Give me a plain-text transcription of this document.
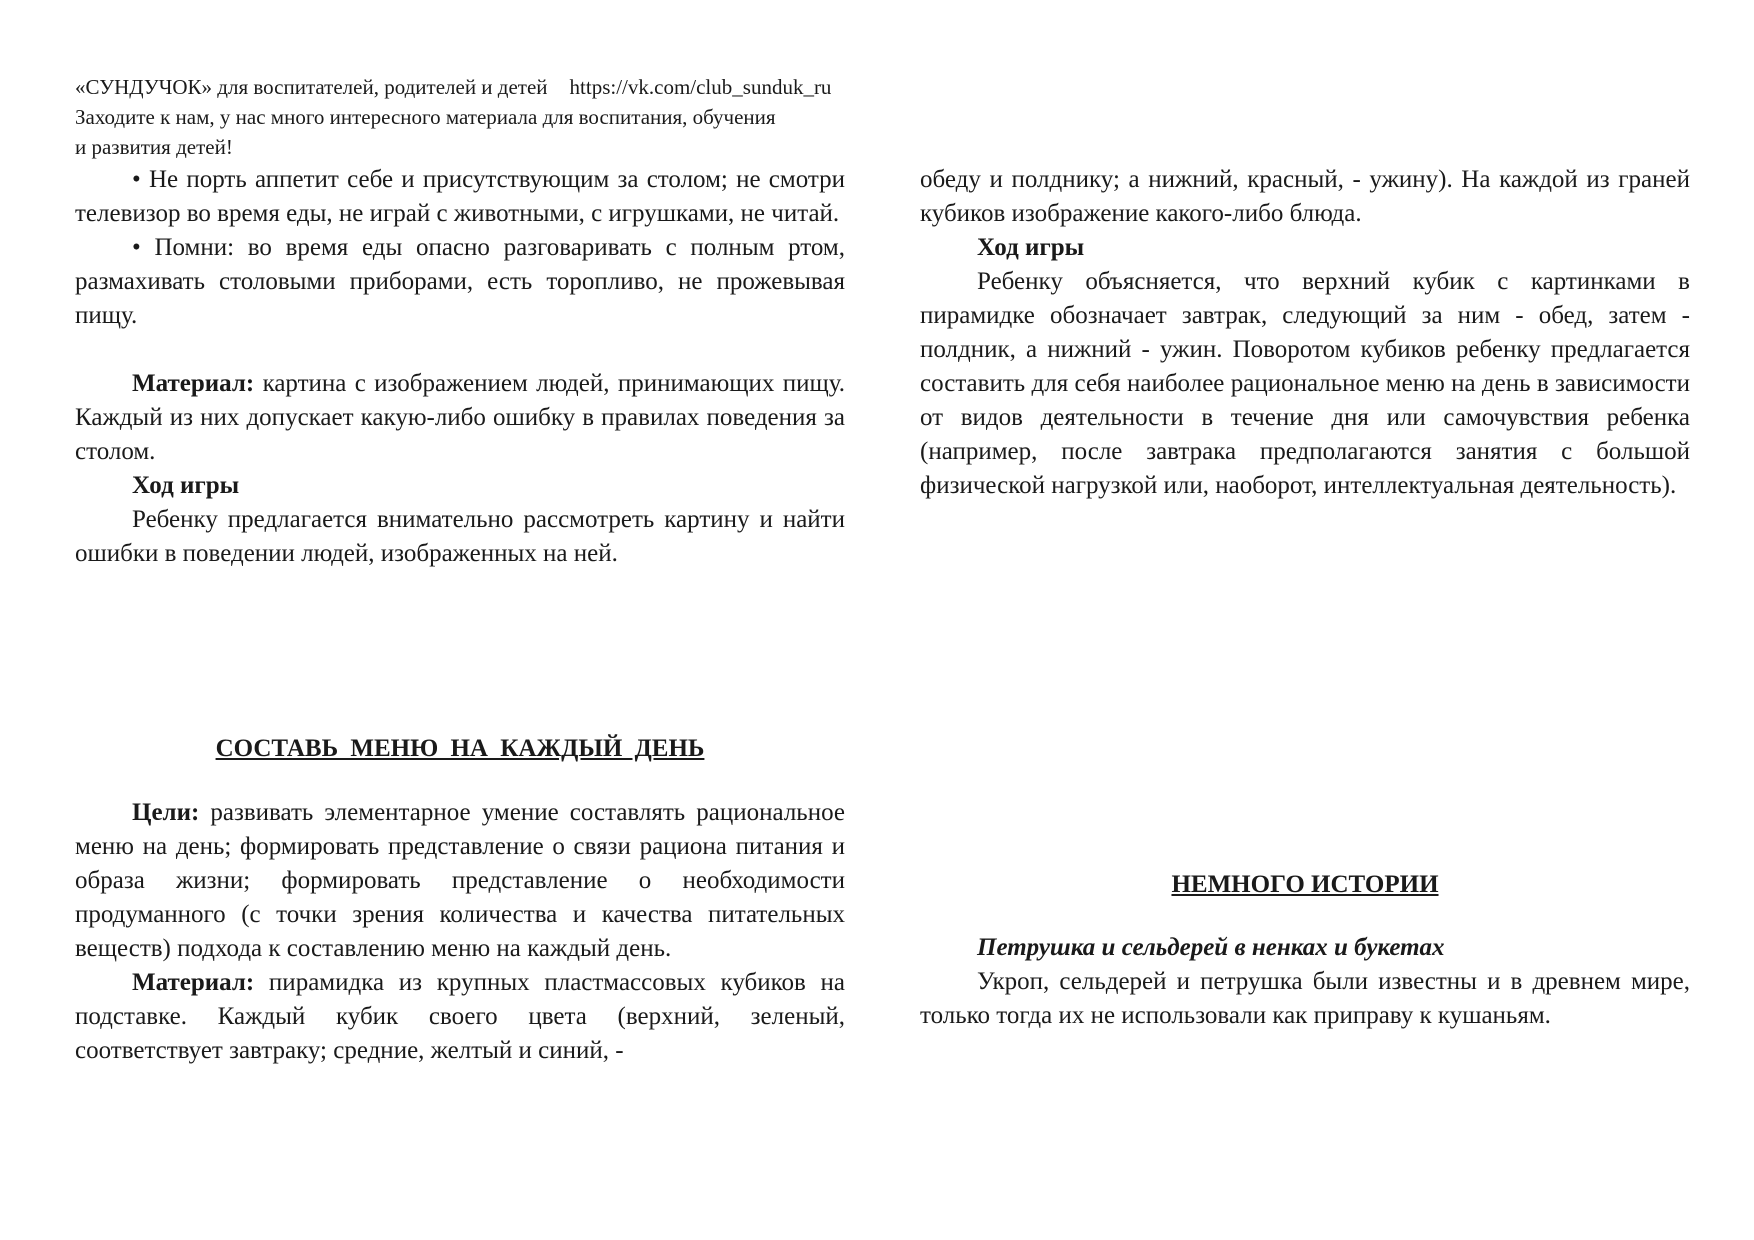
«СУНДУЧОК» для воспитателей, родителей и детей https://vk.com/club_sunduk_ru
Заходите к нам, у нас много интересного материала для воспитания, обучения
и развития детей!

• Не порть аппетит себе и присутствующим за столом; не смотри телевизор во время еды, не играй с животными, с игрушками, не читай.

• Помни: во время еды опасно разговаривать с полным ртом, размахивать столовыми приборами, есть торопливо, не прожевывая пищу.

Материал: картина с изображением людей, принимающих пищу. Каждый из них допускает какую-либо ошибку в правилах поведения за столом.

Ход игры

Ребенку предлагается внимательно рассмотреть картину и найти ошибки в поведении людей, изображенных на ней.

СОСТАВЬ МЕНЮ НА КАЖДЫЙ ДЕНЬ

Цели: развивать элементарное умение составлять рациональное меню на день; формировать представление о связи рациона питания и образа жизни; формировать представление о необходимости продуманного (с точки зрения количества и качества питательных веществ) подхода к составлению меню на каждый день.

Материал: пирамидка из крупных пластмассовых кубиков на подставке. Каждый кубик своего цвета (верхний, зеленый, соответствует завтраку; средние, желтый и синий, -

обеду и полднику; а нижний, красный, - ужину). На каждой из граней кубиков изображение какого-либо блюда.

Ход игры

Ребенку объясняется, что верхний кубик с картинками в пирамидке обозначает завтрак, следующий за ним - обед, затем - полдник, а нижний - ужин. Поворотом кубиков ребенку предлагается составить для себя наиболее рациональное меню на день в зависимости от видов деятельности в течение дня или самочувствия ребенка (например, после завтрака предполагаются занятия с большой физической нагрузкой или, наоборот, интеллектуальная деятельность).

НЕМНОГО ИСТОРИИ

Петрушка и сельдерей в ненках и букетах

Укроп, сельдерей и петрушка были известны и в древнем мире, только тогда их не использовали как приправу к кушаньям.
